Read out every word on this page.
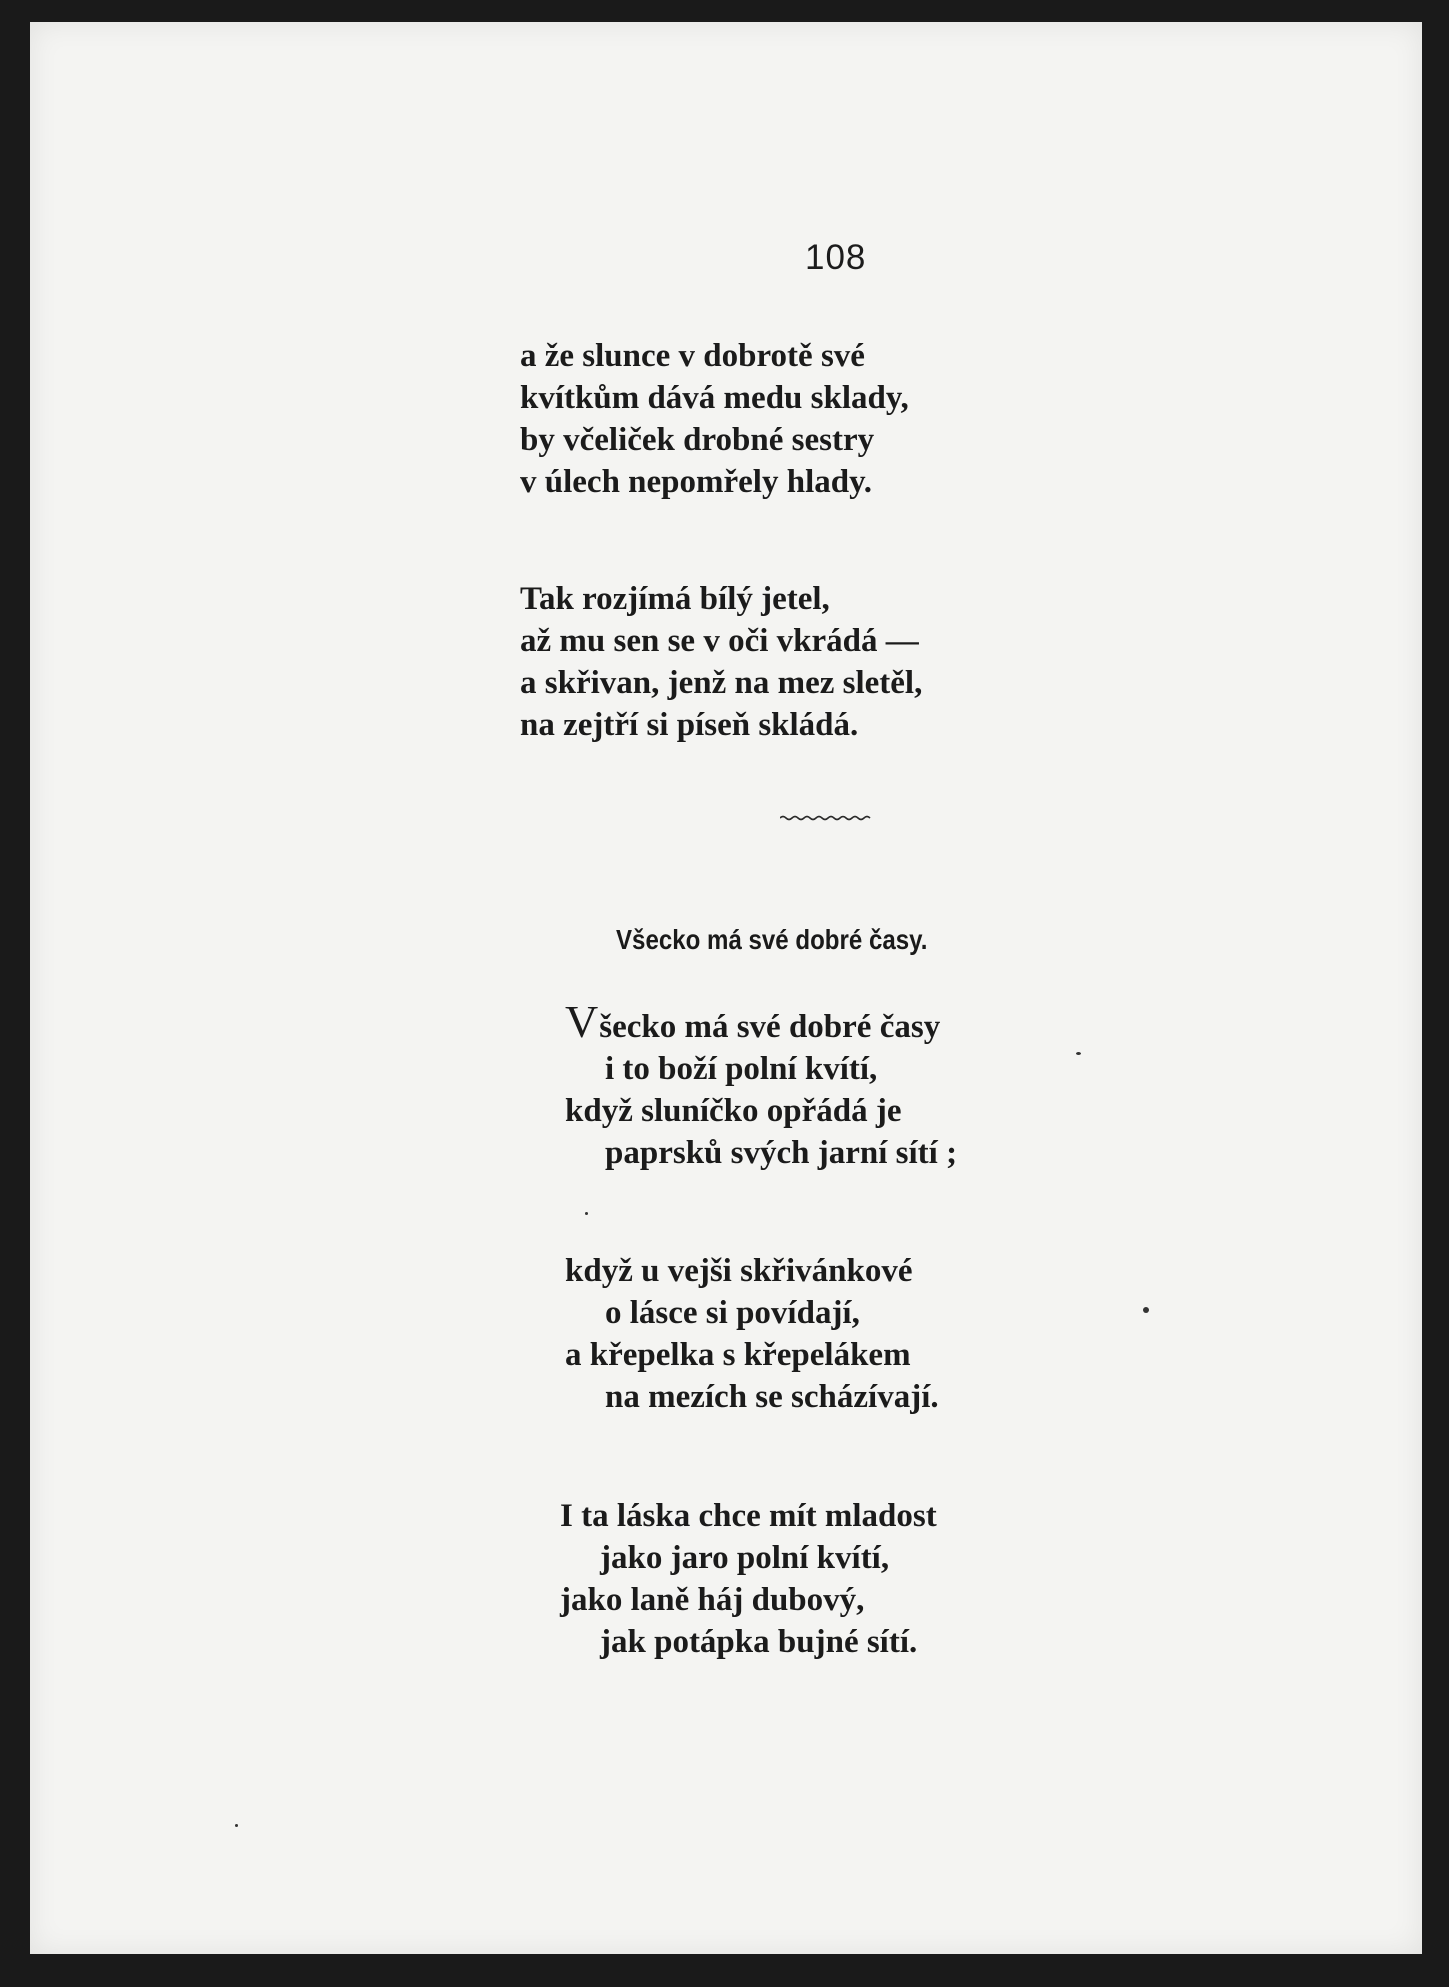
108
a že slunce v dobrotě své
kvítkům dává medu sklady,
by včeliček drobné sestry
v úlech nepomřely hlady.
Tak rozjímá bílý jetel,
až mu sen se v oči vkrádá —
a skřivan, jenž na mez sletěl,
na zejtří si píseň skládá.
Všecko má své dobré časy.
Všecko má své dobré časy
i to boží polní kvítí,
když sluníčko opřádá je
paprsků svých jarní sítí ;
když u vejši skřivánkové
o lásce si povídají,
a křepelka s křepelákem
na mezích se scházívají.
I ta láska chce mít mladost
jako jaro polní kvítí,
jako laně háj dubový,
jak potápka bujné sítí.
